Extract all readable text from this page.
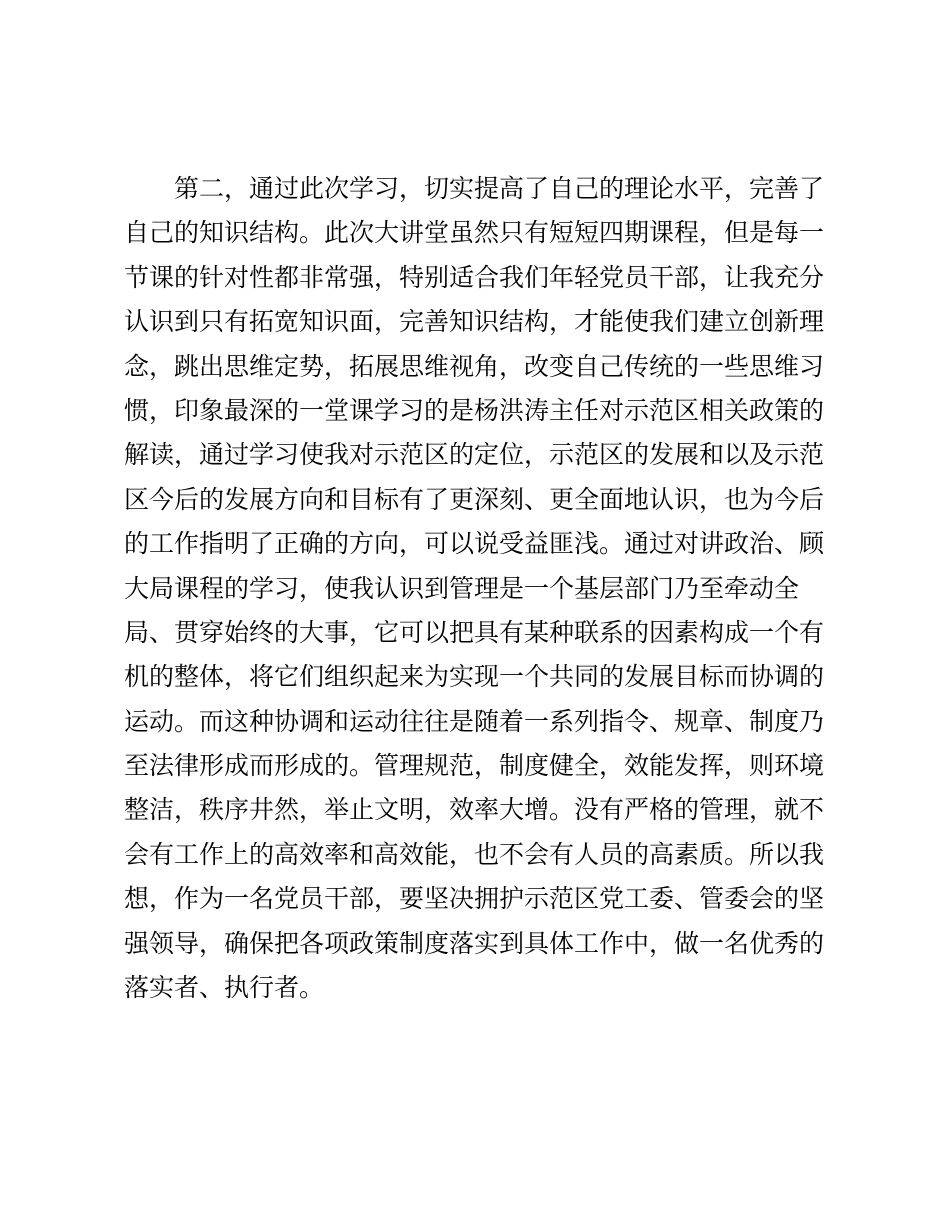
第二，通过此次学习，切实提高了自己的理论水平，完善了
自己的知识结构。此次大讲堂虽然只有短短四期课程，但是每一
节课的针对性都非常强，特别适合我们年轻党员干部，让我充分
认识到只有拓宽知识面，完善知识结构，才能使我们建立创新理
念，跳出思维定势，拓展思维视角，改变自己传统的一些思维习
惯，印象最深的一堂课学习的是杨洪涛主任对示范区相关政策的
解读，通过学习使我对示范区的定位，示范区的发展和以及示范
区今后的发展方向和目标有了更深刻、更全面地认识，也为今后
的工作指明了正确的方向，可以说受益匪浅。通过对讲政治、顾
大局课程的学习，使我认识到管理是一个基层部门乃至牵动全
局、贯穿始终的大事，它可以把具有某种联系的因素构成一个有
机的整体，将它们组织起来为实现一个共同的发展目标而协调的
运动。而这种协调和运动往往是随着一系列指令、规章、制度乃
至法律形成而形成的。管理规范，制度健全，效能发挥，则环境
整洁，秩序井然，举止文明，效率大增。没有严格的管理，就不
会有工作上的高效率和高效能，也不会有人员的高素质。所以我
想，作为一名党员干部，要坚决拥护示范区党工委、管委会的坚
强领导，确保把各项政策制度落实到具体工作中，做一名优秀的
落实者、执行者。
